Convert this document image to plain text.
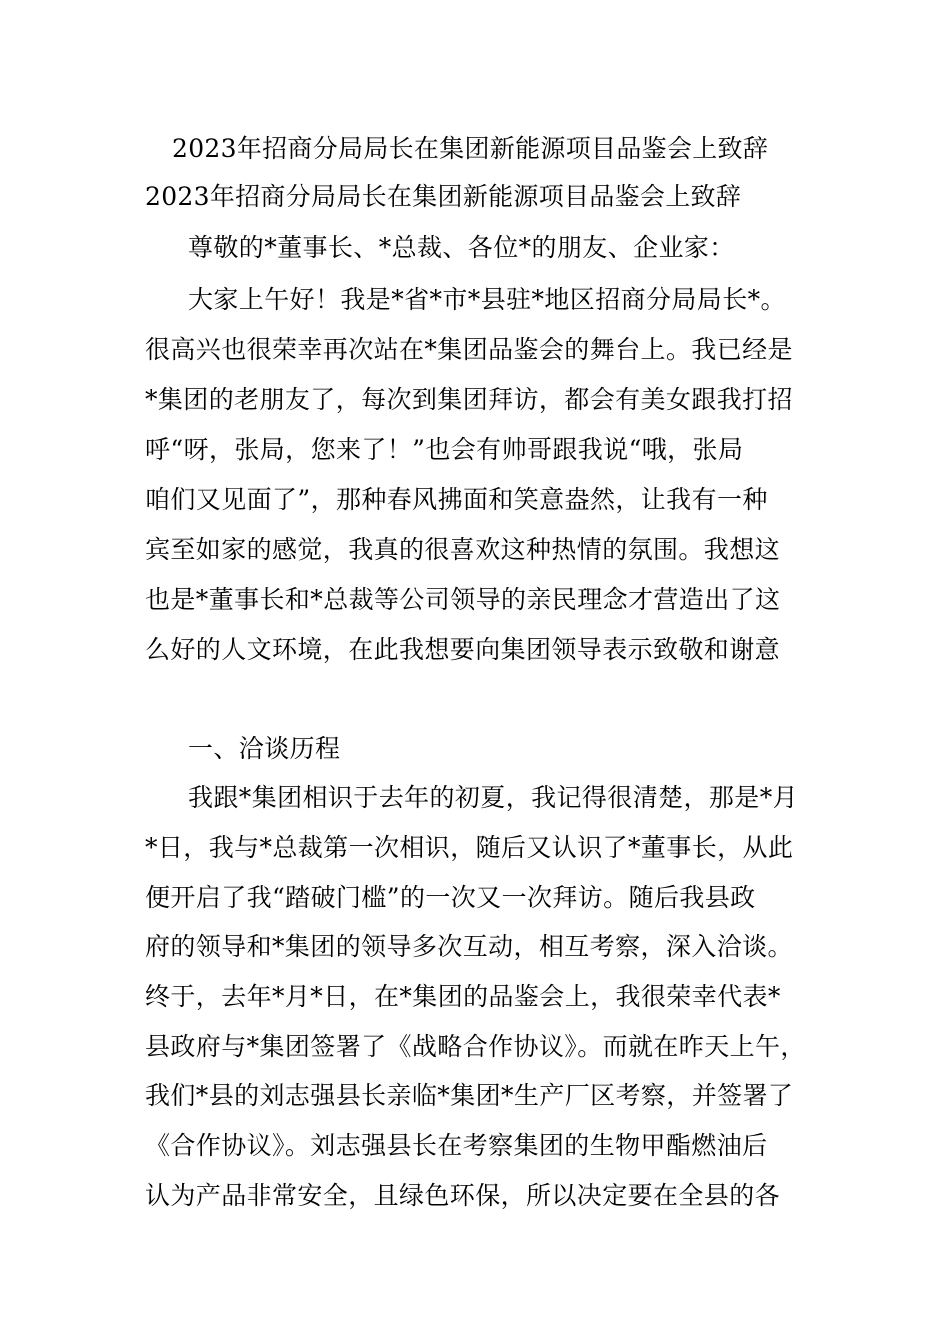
2023年招商分局局长在集团新能源项目品鉴会上致辞
2023年招商分局局长在集团新能源项目品鉴会上致辞
尊敬的*董事长、*总裁、各位*的朋友、企业家：
大家上午好！我是*省*市*县驻*地区招商分局局长*。
很高兴也很荣幸再次站在*集团品鉴会的舞台上。我已经是
*集团的老朋友了，每次到集团拜访，都会有美女跟我打招
呼“呀，张局，您来了！”也会有帅哥跟我说“哦，张局
咱们又见面了”，那种春风拂面和笑意盎然，让我有一种
宾至如家的感觉，我真的很喜欢这种热情的氛围。我想这
也是*董事长和*总裁等公司领导的亲民理念才营造出了这
么好的人文环境，在此我想要向集团领导表示致敬和谢意
一、洽谈历程
我跟*集团相识于去年的初夏，我记得很清楚，那是*月
*日，我与*总裁第一次相识，随后又认识了*董事长，从此
便开启了我“踏破门槛”的一次又一次拜访。随后我县政
府的领导和*集团的领导多次互动，相互考察，深入洽谈。
终于，去年*月*日，在*集团的品鉴会上，我很荣幸代表*
县政府与*集团签署了《战略合作协议》。而就在昨天上午，
我们*县的刘志强县长亲临*集团*生产厂区考察，并签署了
《合作协议》。刘志强县长在考察集团的生物甲酯燃油后
认为产品非常安全，且绿色环保，所以决定要在全县的各
